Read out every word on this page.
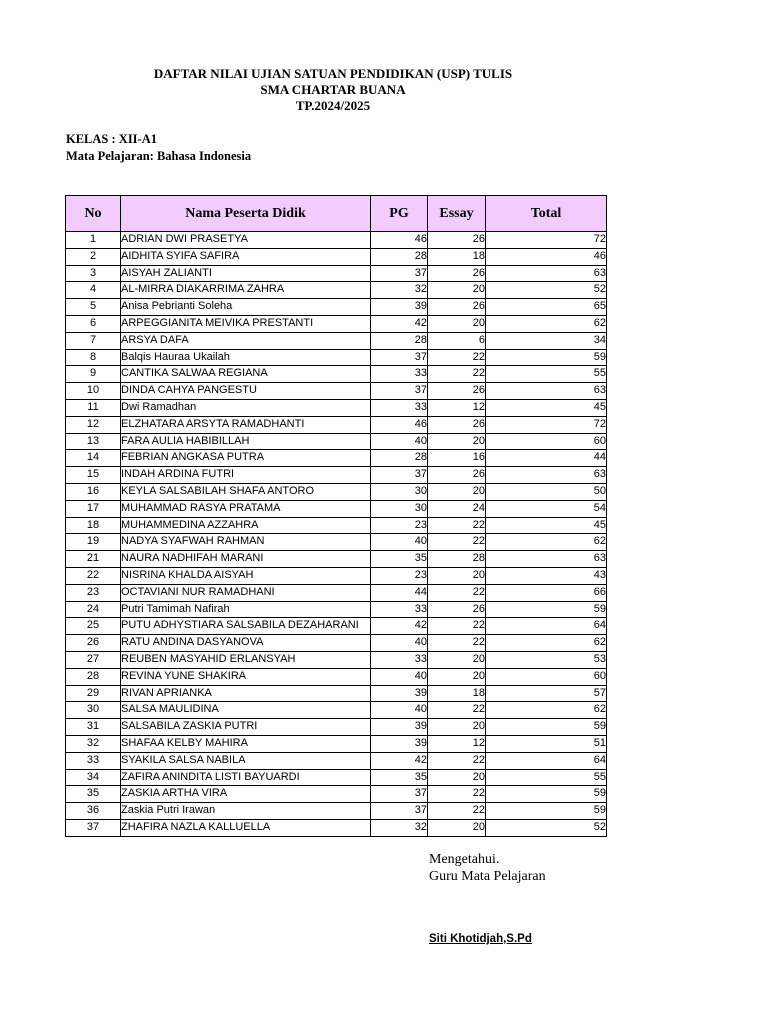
DAFTAR NILAI UJIAN SATUAN PENDIDIKAN (USP) TULIS
SMA CHARTAR BUANA
TP.2024/2025
KELAS : XII-A1
Mata Pelajaran: Bahasa Indonesia
No	Nama Peserta Didik	PG	Essay	Total
1	ADRIAN DWI PRASETYA	46	26	72
2	AIDHITA SYIFA SAFIRA	28	18	46
3	AISYAH ZALIANTI	37	26	63
4	AL-MIRRA DIAKARRIMA ZAHRA	32	20	52
5	Anisa Pebrianti Soleha	39	26	65
6	ARPEGGIANITA MEIVIKA PRESTANTI	42	20	62
7	ARSYA DAFA	28	6	34
8	Balqis Hauraa Ukailah	37	22	59
9	CANTIKA SALWAA REGIANA	33	22	55
10	DINDA CAHYA PANGESTU	37	26	63
11	Dwi Ramadhan	33	12	45
12	ELZHATARA ARSYTA RAMADHANTI	46	26	72
13	FARA AULIA HABIBILLAH	40	20	60
14	FEBRIAN ANGKASA PUTRA	28	16	44
15	INDAH ARDINA FUTRI	37	26	63
16	KEYLA SALSABILAH SHAFA ANTORO	30	20	50
17	MUHAMMAD RASYA PRATAMA	30	24	54
18	MUHAMMEDINA AZZAHRA	23	22	45
19	NADYA SYAFWAH RAHMAN	40	22	62
21	NAURA NADHIFAH MARANI	35	28	63
22	NISRINA KHALDA AISYAH	23	20	43
23	OCTAVIANI NUR RAMADHANI	44	22	66
24	Putri Tamimah Nafirah	33	26	59
25	PUTU ADHYSTIARA SALSABILA DEZAHARANI	42	22	64
26	RATU ANDINA DASYANOVA	40	22	62
27	REUBEN MASYAHID ERLANSYAH	33	20	53
28	REVINA YUNE SHAKIRA	40	20	60
29	RIVAN APRIANKA	39	18	57
30	SALSA MAULIDINA	40	22	62
31	SALSABILA ZASKIA PUTRI	39	20	59
32	SHAFAA KELBY MAHIRA	39	12	51
33	SYAKILA SALSA NABILA	42	22	64
34	ZAFIRA ANINDITA LISTI BAYUARDI	35	20	55
35	ZASKIA ARTHA VIRA	37	22	59
36	Zaskia Putri Irawan	37	22	59
37	ZHAFIRA NAZLA KALLUELLA	32	20	52
Mengetahui.
Guru Mata Pelajaran
Siti Khotidjah,S.Pd
